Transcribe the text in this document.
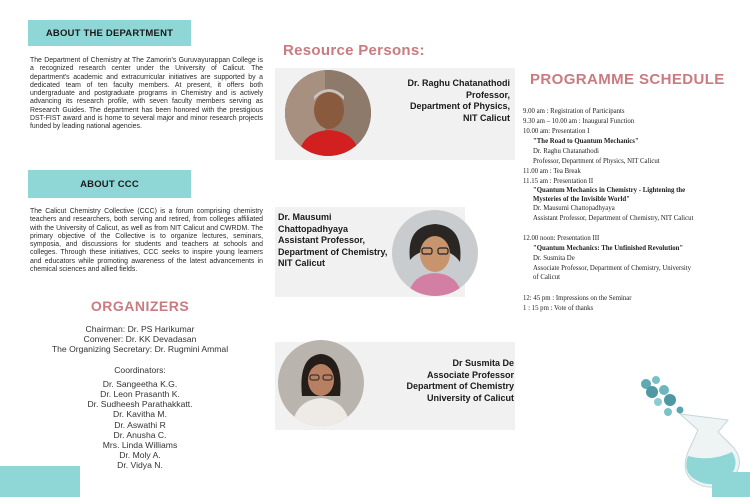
ABOUT THE DEPARTMENT
The Department of Chemistry at The Zamorin's Guruvayurappan College is a recognized research center under the University of Calicut. The department's academic and extracurricular initiatives are supported by a dedicated team of ten faculty members. At present, it offers both undergraduate and postgraduate programs in Chemistry and is actively advancing its research profile, with seven faculty members serving as Research Guides. The department has been honored with the prestigious DST-FIST award and is home to several major and minor research projects funded by leading national agencies.
ABOUT CCC
The Calicut Chemistry Collective (CCC) is a forum comprising chemistry teachers and researchers, both serving and retired, from colleges affiliated with the University of Calicut, as well as from NIT Calicut and CWRDM. The primary objective of the Collective is to organize lectures, seminars, symposia, and discussions for students and teachers at schools and colleges. Through these initiatives, CCC seeks to inspire young learners and educators while promoting awareness of the latest advancements in chemical sciences and allied fields.
ORGANIZERS
Chairman: Dr. PS Harikumar
Convener: Dr. KK Devadasan
The Organizing Secretary: Dr. Rugmini Ammal
Coordinators:
Dr. Sangeetha K.G.
Dr. Leon Prasanth K.
Dr. Sudheesh Parathakkatt.
Dr. Kavitha M.
Dr. Aswathi R
Dr. Anusha C.
Mrs. Linda Williams
Dr. Moly A.
Dr. Vidya N.
Resource Persons:
Dr. Raghu Chatanathodi
Professor,
Department of Physics,
NIT Calicut
Dr. Mausumi
Chattopadhyaya
Assistant Professor,
Department of Chemistry,
NIT Calicut
Dr Susmita De
Associate Professor
Department of Chemistry
University of Calicut
PROGRAMME SCHEDULE
9.00 am : Registration of Participants
9.30 am – 10.00 am : Inaugural Function
10.00 am: Presentation I
"The Road to Quantum Mechanics"
Dr. Raghu Chatanathodi
Professor, Department of Physics, NIT Calicut
11.00 am : Tea Break
11.15 am : Presentation II
"Quantum Mechanics in Chemistry - Lightening the
Mysteries of the Invisible World"
Dr. Mausumi Chattopadhyaya
Assistant Professor, Department of Chemistry, NIT Calicut
12.00 noon: Presentation III
"Quantum Mechanics: The Unfinished Revolution"
Dr. Susmita De
Associate Professor, Department of Chemistry, University
of Calicut
12: 45 pm : Impressions on the Seminar
1 : 15 pm : Vote of thanks
